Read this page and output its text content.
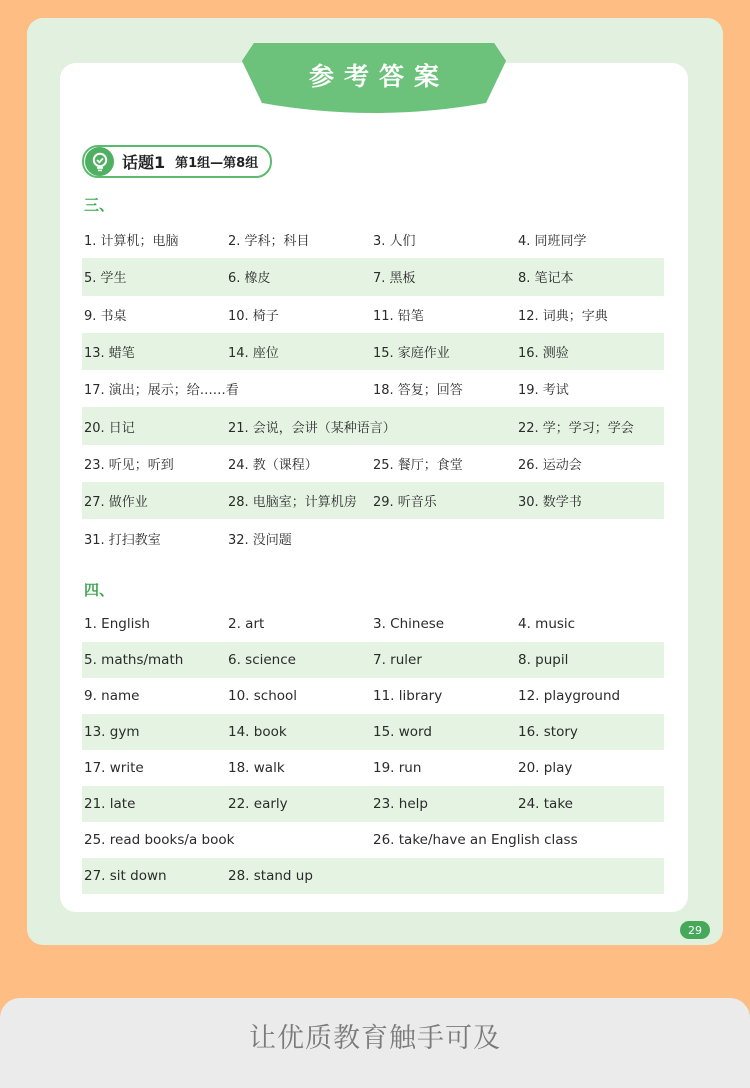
参考答案
话题1 第1组—第8组
三、
1. 计算机；电脑	2. 学科；科目	3. 人们	4. 同班同学
5. 学生	6. 橡皮	7. 黑板	8. 笔记本
9. 书桌	10. 椅子	11. 铅笔	12. 词典；字典
13. 蜡笔	14. 座位	15. 家庭作业	16. 测验
17. 演出；展示；给……看	18. 答复；回答	19. 考试
20. 日记	21. 会说，会讲（某种语言）	22. 学；学习；学会
23. 听见；听到	24. 教（课程）	25. 餐厅；食堂	26. 运动会
27. 做作业	28. 电脑室；计算机房 29. 听音乐	30. 数学书
31. 打扫教室	32. 没问题
四、
1. English	2. art	3. Chinese	4. music
5. maths/math	6. science	7. ruler	8. pupil
9. name	10. school	11. library	12. playground
13. gym	14. book	15. word	16. story
17. write	18. walk	19. run	20. play
21. late	22. early	23. help	24. take
25. read books/a book	26. take/have an English class
27. sit down	28. stand up
29
让优质教育触手可及
